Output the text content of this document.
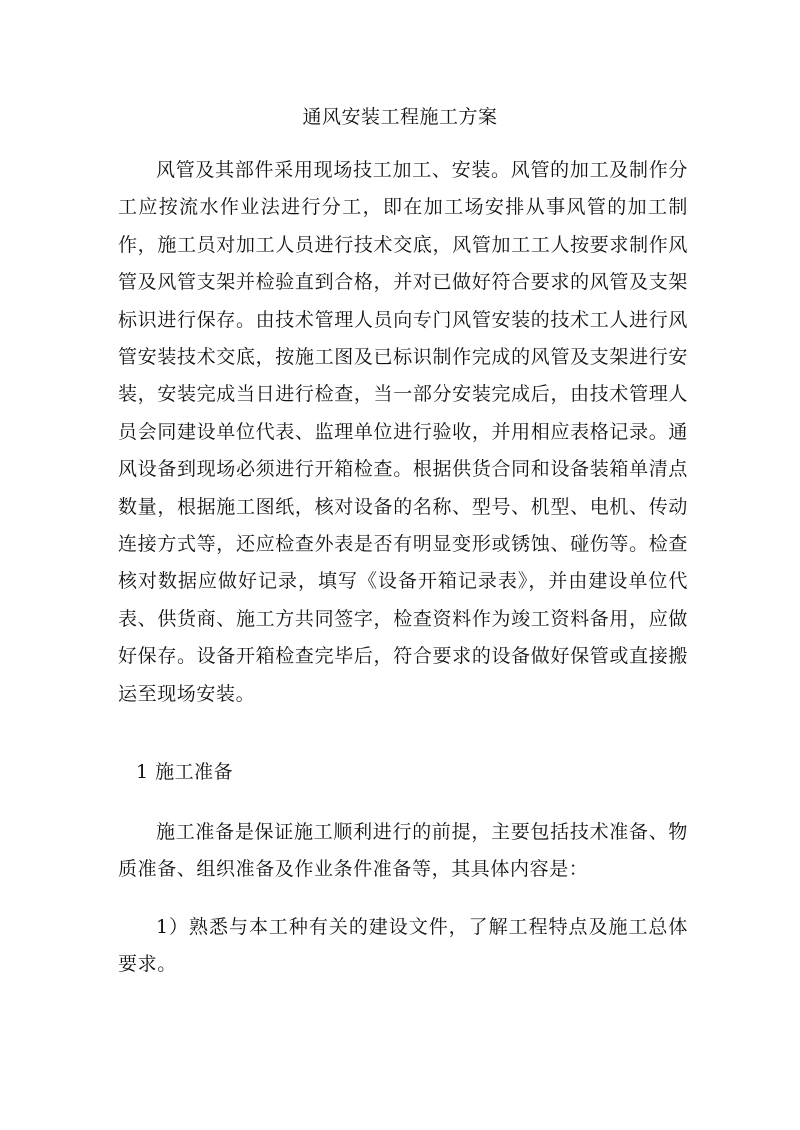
通风安装工程施工方案
风管及其部件采用现场技工加工、安装。风管的加工及制作分工应按流水作业法进行分工，即在加工场安排从事风管的加工制作，施工员对加工人员进行技术交底，风管加工工人按要求制作风管及风管支架并检验直到合格，并对已做好符合要求的风管及支架标识进行保存。由技术管理人员向专门风管安装的技术工人进行风管安装技术交底，按施工图及已标识制作完成的风管及支架进行安装，安装完成当日进行检查，当一部分安装完成后，由技术管理人员会同建设单位代表、监理单位进行验收，并用相应表格记录。通风设备到现场必须进行开箱检查。根据供货合同和设备装箱单清点数量，根据施工图纸，核对设备的名称、型号、机型、电机、传动连接方式等，还应检查外表是否有明显变形或锈蚀、碰伤等。检查核对数据应做好记录，填写《设备开箱记录表》，并由建设单位代表、供货商、施工方共同签字，检查资料作为竣工资料备用，应做好保存。设备开箱检查完毕后，符合要求的设备做好保管或直接搬运至现场安装。
1 施工准备
施工准备是保证施工顺利进行的前提，主要包括技术准备、物质准备、组织准备及作业条件准备等，其具体内容是：
1）熟悉与本工种有关的建设文件，了解工程特点及施工总体要求。
